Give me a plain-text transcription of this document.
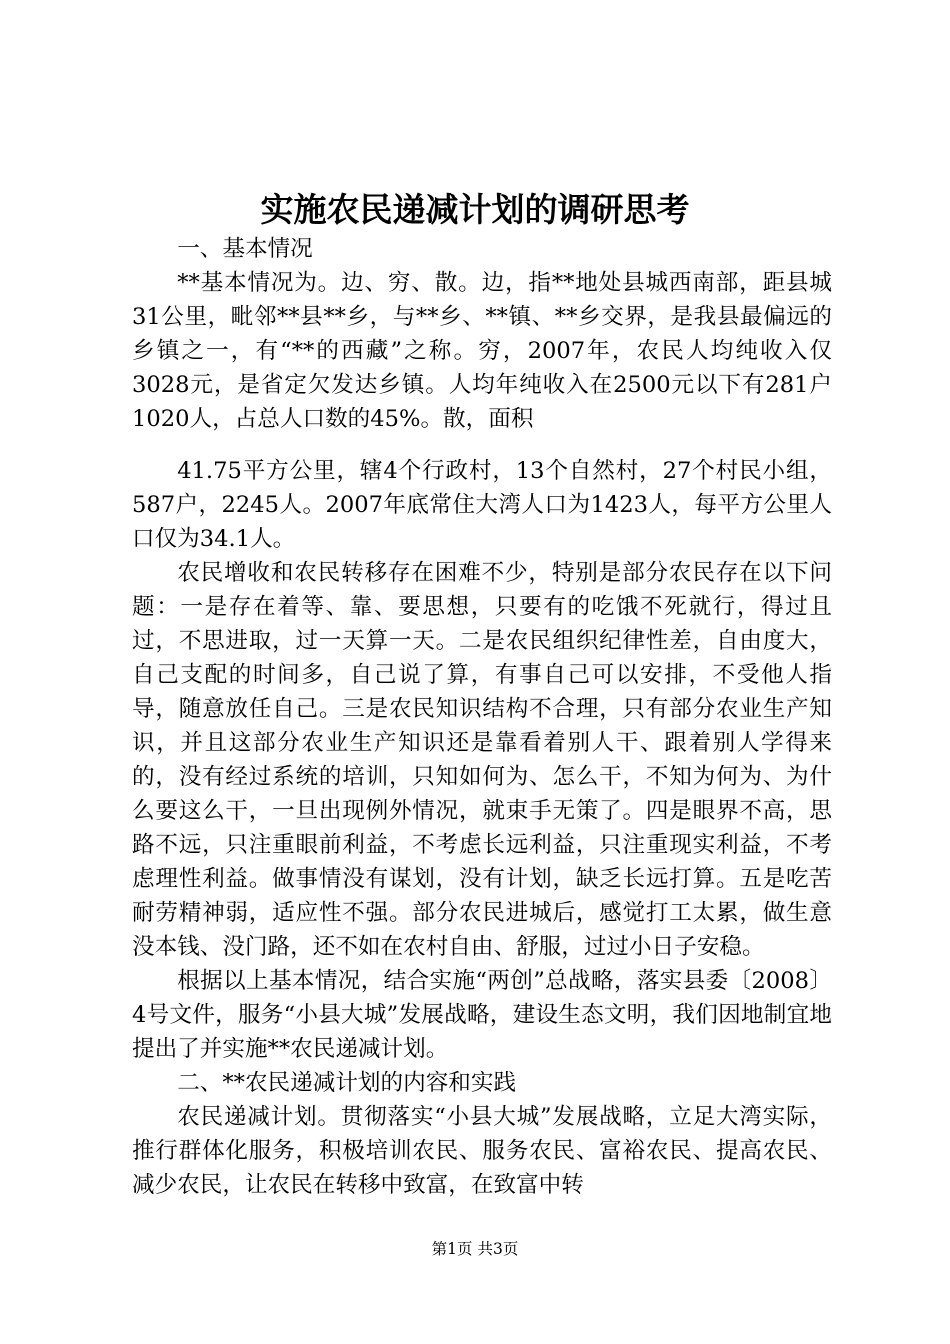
实施农民递减计划的调研思考

一、基本情况

**基本情况为。边、穷、散。边，指**地处县城西南部，距县城31公里，毗邻**县**乡，与**乡、**镇、**乡交界，是我县最偏远的乡镇之一，有“**的西藏”之称。穷，2007年，农民人均纯收入仅3028元，是省定欠发达乡镇。人均年纯收入在2500元以下有281户1020人，占总人口数的45%。散，面积

41.75平方公里，辖4个行政村，13个自然村，27个村民小组，587户，2245人。2007年底常住大湾人口为1423人，每平方公里人口仅为34.1人。

农民增收和农民转移存在困难不少，特别是部分农民存在以下问题：一是存在着等、靠、要思想，只要有的吃饿不死就行，得过且过，不思进取，过一天算一天。二是农民组织纪律性差，自由度大，自己支配的时间多，自己说了算，有事自己可以安排，不受他人指导，随意放任自己。三是农民知识结构不合理，只有部分农业生产知识，并且这部分农业生产知识还是靠看着别人干、跟着别人学得来的，没有经过系统的培训，只知如何为、怎么干，不知为何为、为什么要这么干，一旦出现例外情况，就束手无策了。四是眼界不高，思路不远，只注重眼前利益，不考虑长远利益，只注重现实利益，不考虑理性利益。做事情没有谋划，没有计划，缺乏长远打算。五是吃苦耐劳精神弱，适应性不强。部分农民进城后，感觉打工太累，做生意没本钱、没门路，还不如在农村自由、舒服，过过小日子安稳。

根据以上基本情况，结合实施“两创”总战略，落实县委〔2008〕4号文件，服务“小县大城”发展战略，建设生态文明，我们因地制宜地提出了并实施**农民递减计划。

二、**农民递减计划的内容和实践

农民递减计划。贯彻落实“小县大城”发展战略，立足大湾实际，推行群体化服务，积极培训农民、服务农民、富裕农民、提高农民、减少农民，让农民在转移中致富，在致富中转

第1页 共3页
